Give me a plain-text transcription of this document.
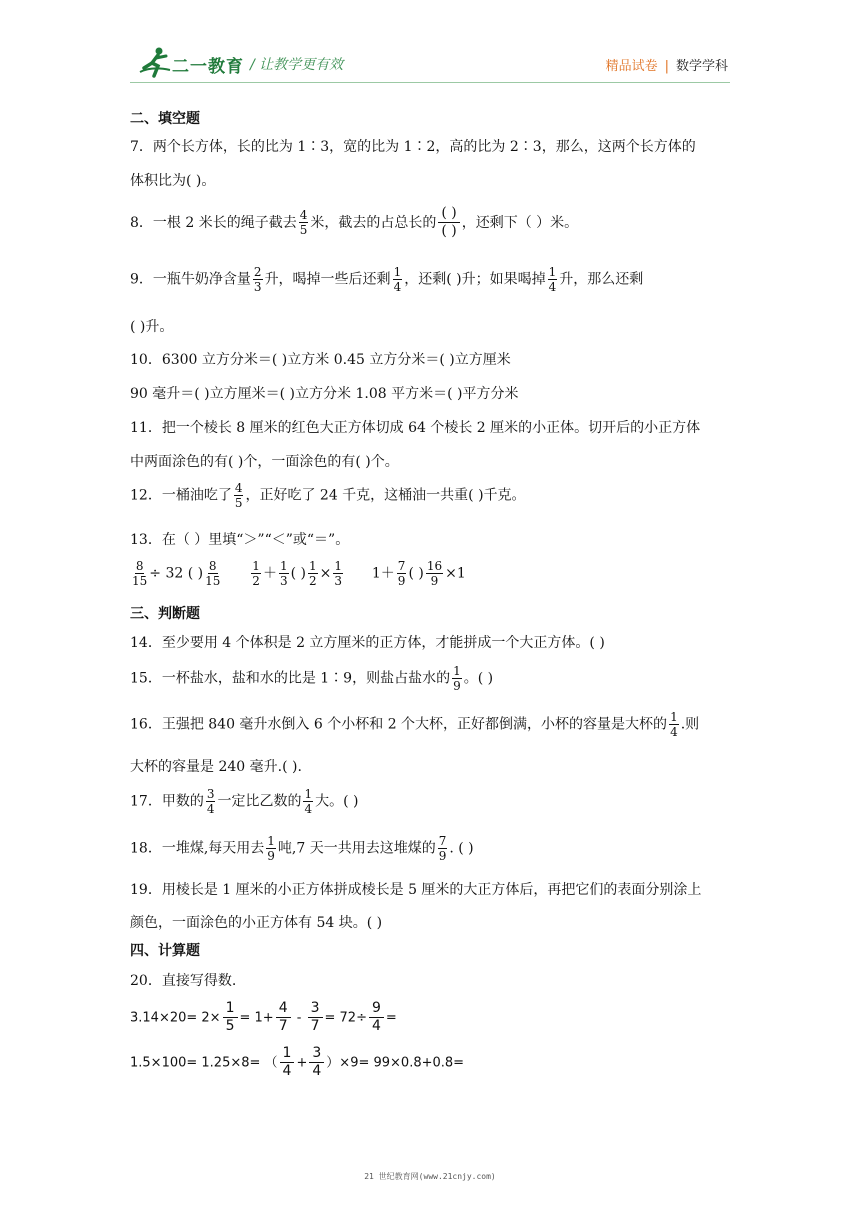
二一教育 / 让教学更有效	精品试卷 | 数学学科
二、填空题
7．两个长方体，长的比为 1∶3，宽的比为 1∶2，高的比为 2∶3，那么，这两个长方体的
体积比为( )。
8．一根 2 米长的绳子截去 $\frac{4}{5}$ 米，截去的占总长的 $\frac{( )}{( )}$ ，还剩下（ ）米。
9．一瓶牛奶净含量 $\frac{2}{3}$ 升，喝掉一些后还剩 $\frac{1}{4}$ ，还剩( )升；如果喝掉 $\frac{1}{4}$ 升，那么还剩
( )升。
10．6300 立方分米＝( )立方米 0.45 立方分米＝( )立方厘米
90 毫升＝( )立方厘米＝( )立方分米 1.08 平方米＝( )平方分米
11．把一个棱长 8 厘米的红色大正方体切成 64 个棱长 2 厘米的小正体。切开后的小正方体
中两面涂色的有( )个，一面涂色的有( )个。
12．一桶油吃了 $\frac{4}{5}$ ，正好吃了 24 千克，这桶油一共重( )千克。
13．在（ ）里填“＞”“＜”或“＝”。
$\frac{8}{15} \div 32$ ( ) $\frac{8}{15}$
	$\frac{1}{2} + \frac{1}{3}$ ( ) $\frac{1}{2} \times \frac{1}{3} 1+ \frac{7}{9}$ ( ) $\frac{16}{9} \times 1$
三、判断题
14．至少要用 4 个体积是 2 立方厘米的正方体，才能拼成一个大正方体。( )
15．一杯盐水，盐和水的比是 1∶9，则盐占盐水的 $\frac{1}{9}$ 。( )
16．王强把 840 毫升水倒入 6 个小杯和 2 个大杯，正好都倒满，小杯的容量是大杯的 $\frac{1}{4}$ .则
大杯的容量是 240 毫升.( ).
17．甲数的 $\frac{3}{4}$ 一定比乙数的 $\frac{1}{4}$ 大。( )
18．一堆煤,每天用去 $\frac{1}{9}$ 吨,7 天一共用去这堆煤的 $\frac{7}{9}$ . ( )
19．用棱长是 1 厘米的小正方体拼成棱长是 5 厘米的大正方体后，再把它们的表面分别涂上
颜色，一面涂色的小正方体有 54 块。( )
四、计算题
20．直接写得数.
$3.14\times 20= 2\times \frac{1}{5} = 1+ \frac{4}{7} - \frac{3}{7} = 72\div \frac{9}{4}$ =
1.5×100= 1.25×8= （ $\frac{1}{4} + \frac{3}{4} )\times 9= 99\times 0.8+0.8=$
21 世纪教育网(www.21cnjy.com)
